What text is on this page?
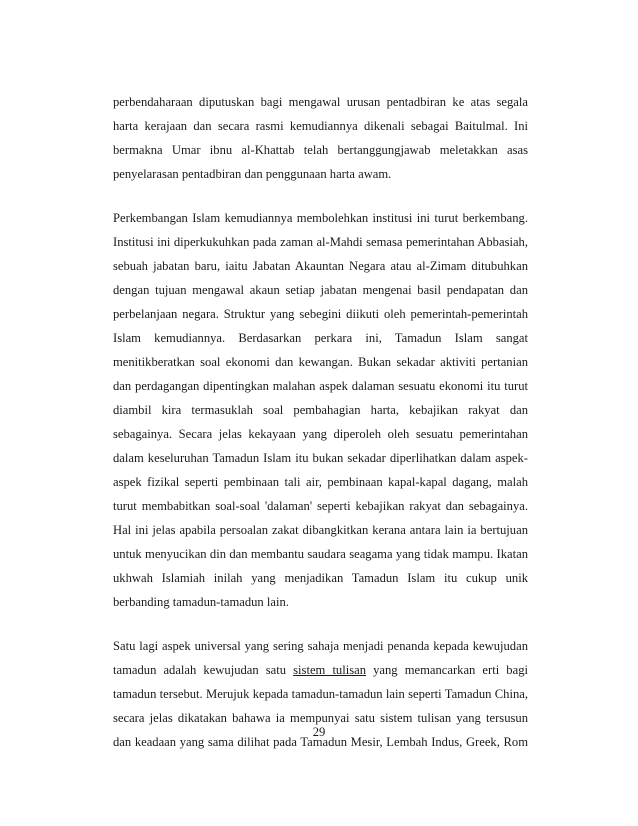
perbendaharaan diputuskan bagi mengawal urusan pentadbiran ke atas segala
harta kerajaan dan secara rasmi kemudiannya dikenali sebagai Baitulmal. Ini
bermakna Umar ibnu al-Khattab telah bertanggungjawab meletakkan asas
penyelarasan pentadbiran dan penggunaan harta awam.
Perkembangan Islam kemudiannya membolehkan institusi ini turut berkembang.
Institusi ini diperkukuhkan pada zaman al-Mahdi semasa pemerintahan Abbasiah,
sebuah jabatan baru, iaitu Jabatan Akauntan Negara atau al-Zimam ditubuhkan
dengan tujuan mengawal akaun setiap jabatan mengenai basil pendapatan dan
perbelanjaan negara. Struktur yang sebegini diikuti oleh pemerintah-pemerintah
Islam kemudiannya. Berdasarkan perkara ini, Tamadun Islam sangat
menitikberatkan soal ekonomi dan kewangan. Bukan sekadar aktiviti pertanian
dan perdagangan dipentingkan malahan aspek dalaman sesuatu ekonomi itu turut
diambil kira termasuklah soal pembahagian harta, kebajikan rakyat dan
sebagainya. Secara jelas kekayaan yang diperoleh oleh sesuatu pemerintahan
dalam keseluruhan Tamadun Islam itu bukan sekadar diperlihatkan dalam aspek-
aspek fizikal seperti pembinaan tali air, pembinaan kapal-kapal dagang, malah
turut membabitkan soal-soal 'dalaman' seperti kebajikan rakyat dan sebagainya.
Hal ini jelas apabila persoalan zakat dibangkitkan kerana antara lain ia bertujuan
untuk menyucikan din dan membantu saudara seagama yang tidak mampu. Ikatan
ukhwah Islamiah inilah yang menjadikan Tamadun Islam itu cukup unik
berbanding tamadun-tamadun lain.
Satu lagi aspek universal yang sering sahaja menjadi penanda kepada kewujudan
tamadun adalah kewujudan satu sistem tulisan yang memancarkan erti bagi
tamadun tersebut. Merujuk kepada tamadun-tamadun lain seperti Tamadun China,
secara jelas dikatakan bahawa ia mempunyai satu sistem tulisan yang tersusun
dan keadaan yang sama dilihat pada Tamadun Mesir, Lembah Indus, Greek, Rom
29
